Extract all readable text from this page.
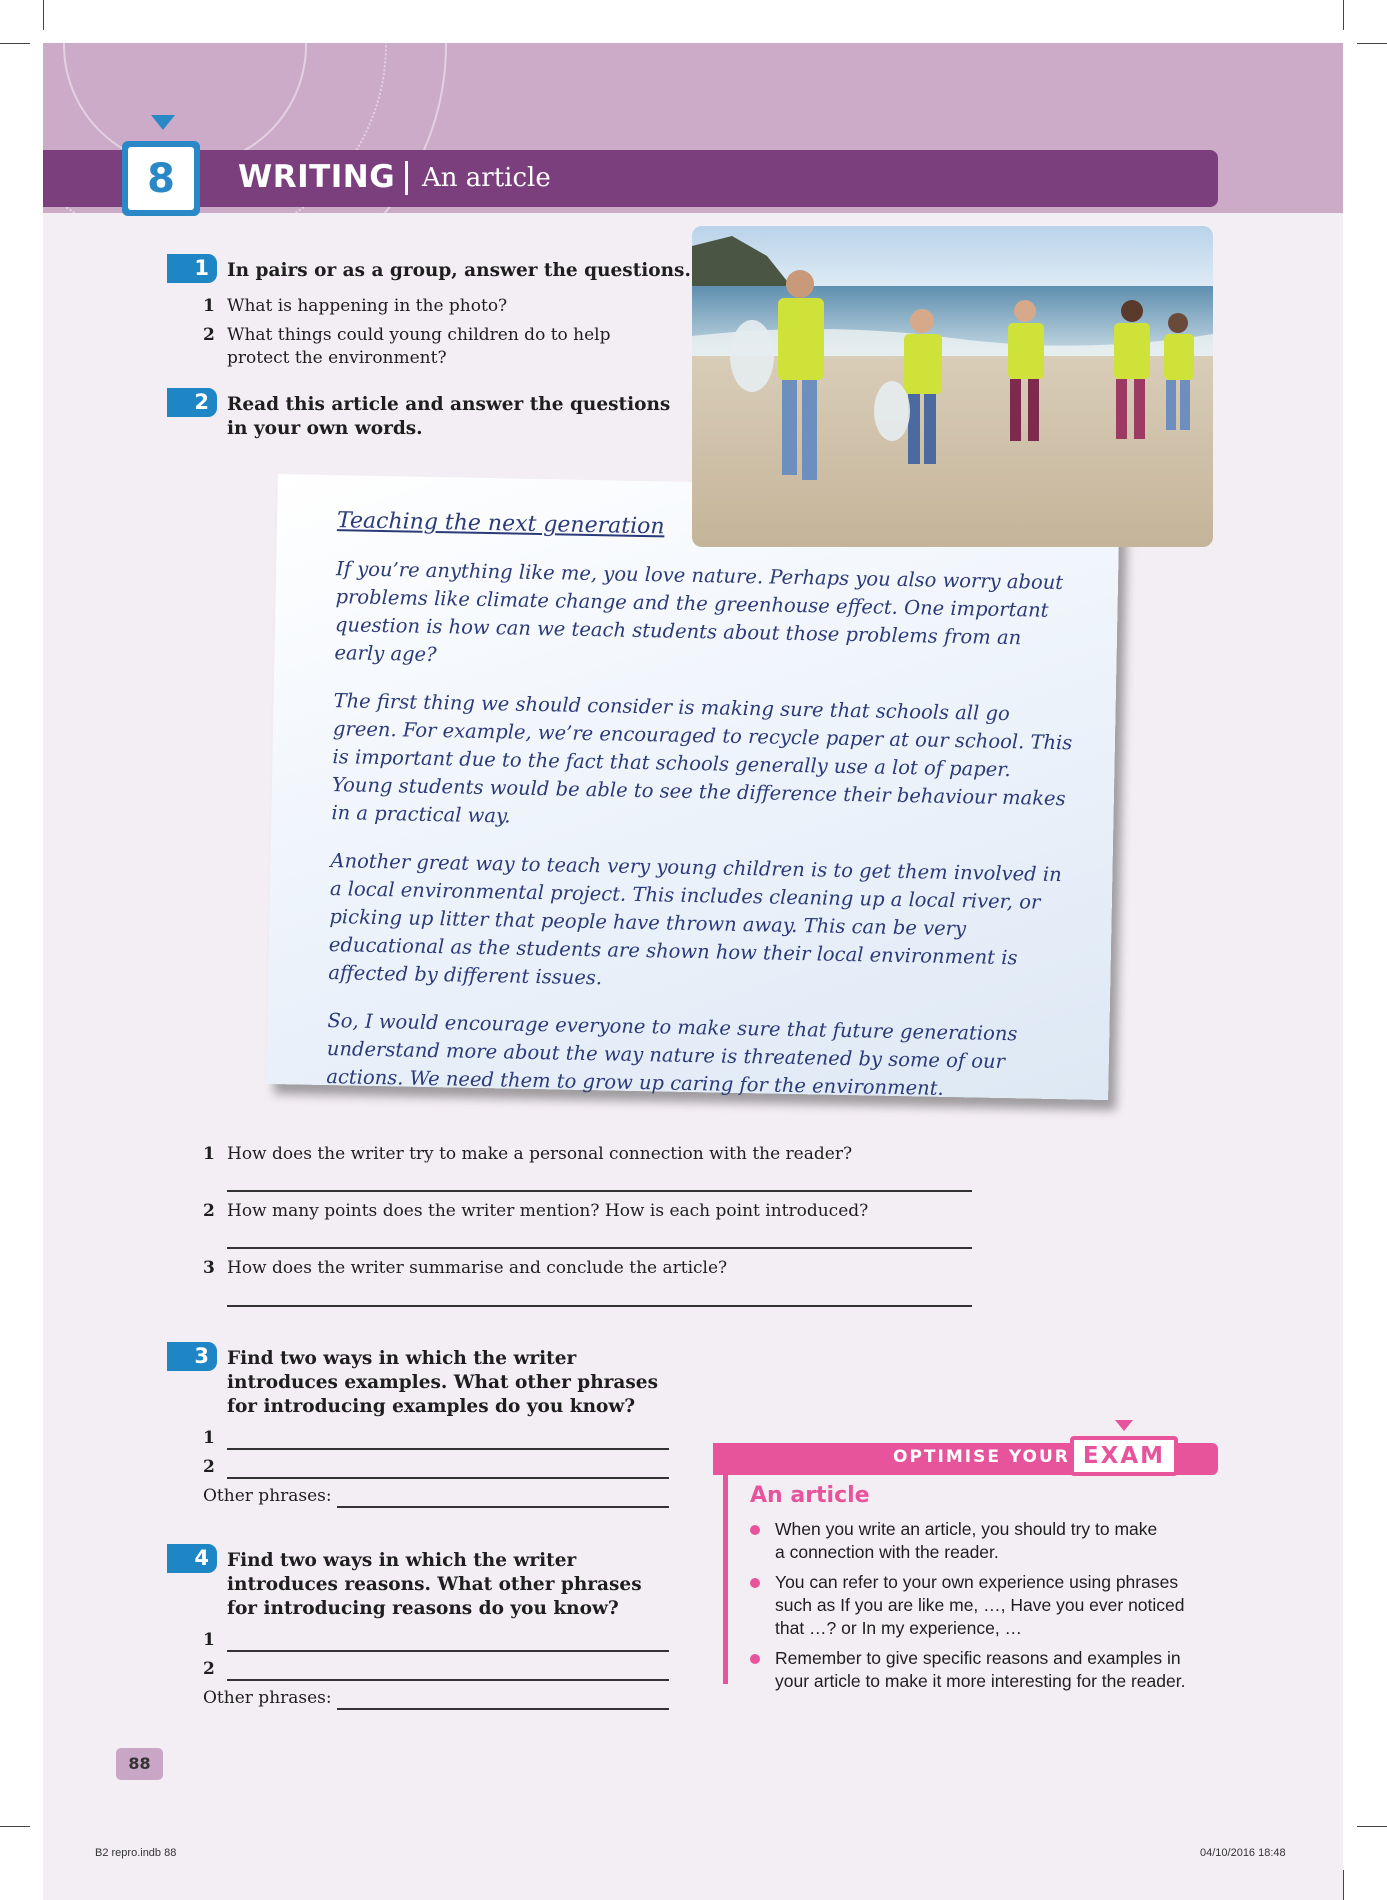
8	WRITING An article
1 In pairs or as a group, answer the questions.
1 What is happening in the photo?
2 What things could young children do to help
protect the environment?
2 Read this article and answer the questions
in your own words.
Teaching the next generation

If you’re anything like me, you love nature. Perhaps you also worry about problems like climate change and the greenhouse effect. One important question is how can we teach students about those problems from an early age?

The first thing we should consider is making sure that schools all go green. For example, we’re encouraged to recycle paper at our school. This is important due to the fact that schools generally use a lot of paper. Young students would be able to see the difference their behaviour makes in a practical way.

Another great way to teach very young children is to get them involved in a local environmental project. This includes cleaning up a local river, or picking up litter that people have thrown away. This can be very educational as the students are shown how their local environment is affected by different issues.

So, I would encourage everyone to make sure that future generations understand more about the way nature is threatened by some of our actions. We need them to grow up caring for the environment.

1 How does the writer try to make a personal connection with the reader?
2 How many points does the writer mention? How is each point introduced?
3 How does the writer summarise and conclude the article?
3 Find two ways in which the writer
introduces examples. What other phrases
for introducing examples do you know?
1
2
Other phrases:
4 Find two ways in which the writer
introduces reasons. What other phrases
for introducing reasons do you know?
1
2
Other phrases:
OPTIMISE YOUR EXAM
An article
When you write an article, you should try to make
a connection with the reader.
You can refer to your own experience using phrases
such as If you are like me, …, Have you ever noticed
that …? or In my experience, …
Remember to give specific reasons and examples in
your article to make it more interesting for the reader.
88
B2 repro.indb 88	04/10/2016 18:48
